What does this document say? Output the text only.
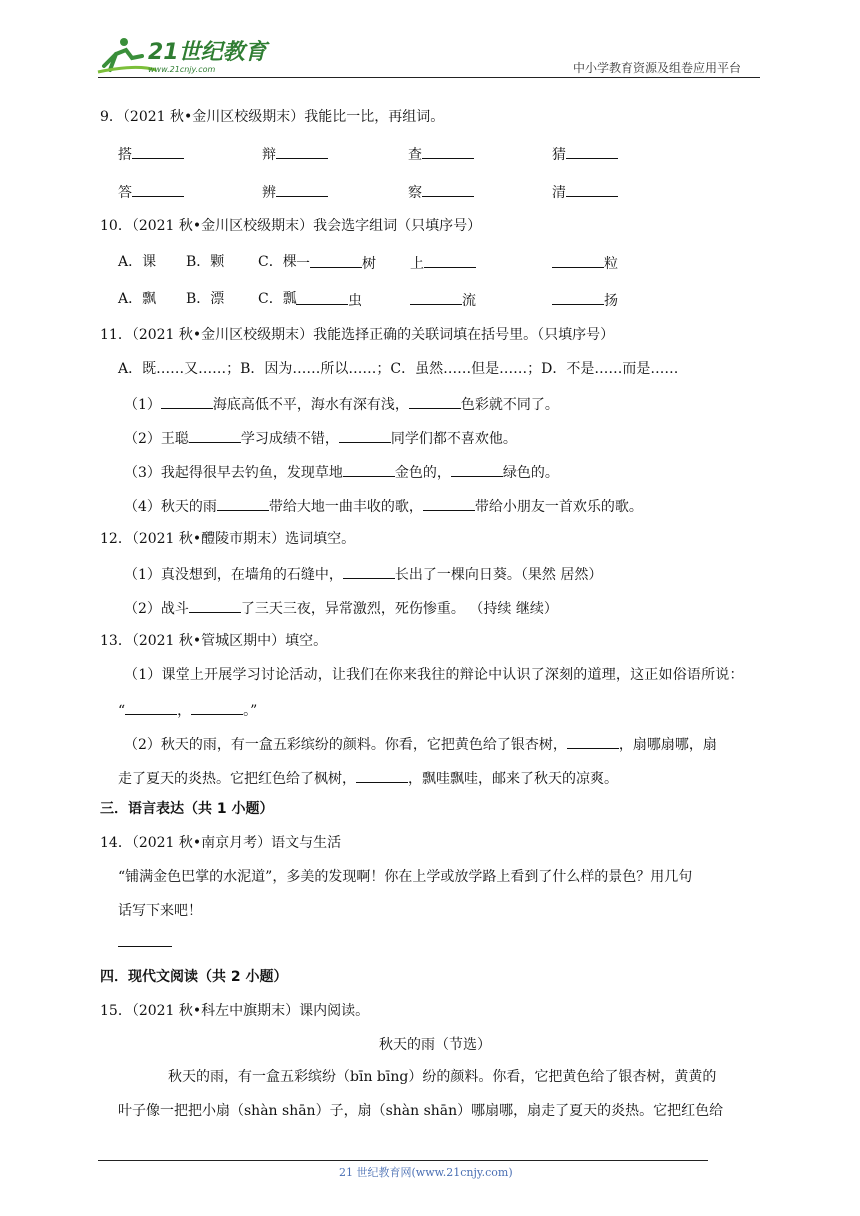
21世纪教育
www.21cnjy.com	中小学教育资源及组卷应用平台
9．（2021 秋•金川区校级期末）我能比一比，再组词。
搭	辩	查	猜
答	辨	察	清
10．（2021 秋•金川区校级期末）我会选字组词（只填序号）
A．课 B．颗 C．棵 一	树 上	粒
A．飘 B．漂 C．瓢	虫	流	扬
11．（2021 秋•金川区校级期末）我能选择正确的关联词填在括号里。（只填序号）
A．既……又……；B．因为……所以……；C．虽然……但是……；D．不是……而是……
（1）	海底高低不平，海水有深有浅，	色彩就不同了。
（2）王聪	学习成绩不错，	同学们都不喜欢他。
（3）我起得很早去钓鱼，发现草地	金色的，	绿色的。
（4）秋天的雨	带给大地一曲丰收的歌，	带给小朋友一首欢乐的歌。
12．（2021 秋•醴陵市期末）选词填空。
（1）真没想到，在墙角的石缝中，	长出了一棵向日葵。（果然 居然）
（2）战斗	了三天三夜，异常激烈，死伤惨重。 （持续 继续）
13．（2021 秋•管城区期中）填空。
（1）课堂上开展学习讨论活动，让我们在你来我往的辩论中认识了深刻的道理，这正如俗语所说：
“	，	。”
（2）秋天的雨，有一盒五彩缤纷的颜料。你看，它把黄色给了银杏树，	，扇哪扇哪，扇
走了夏天的炎热。它把红色给了枫树，	，飘哇飘哇，邮来了秋天的凉爽。
三．语言表达（共 1 小题）
14．（2021 秋•南京月考）语文与生活
“铺满金色巴掌的水泥道”，多美的发现啊！你在上学或放学路上看到了什么样的景色？用几句
话写下来吧！
四．现代文阅读（共 2 小题）
15．（2021 秋•科左中旗期末）课内阅读。
秋天的雨（节选）
秋天的雨，有一盒五彩缤纷（bīn bīng）纷的颜料。你看，它把黄色给了银杏树，黄黄的
叶子像一把把小扇（shàn shān）子，扇（shàn shān）哪扇哪，扇走了夏天的炎热。它把红色给
21 世纪教育网(www.21cnjy.com)
